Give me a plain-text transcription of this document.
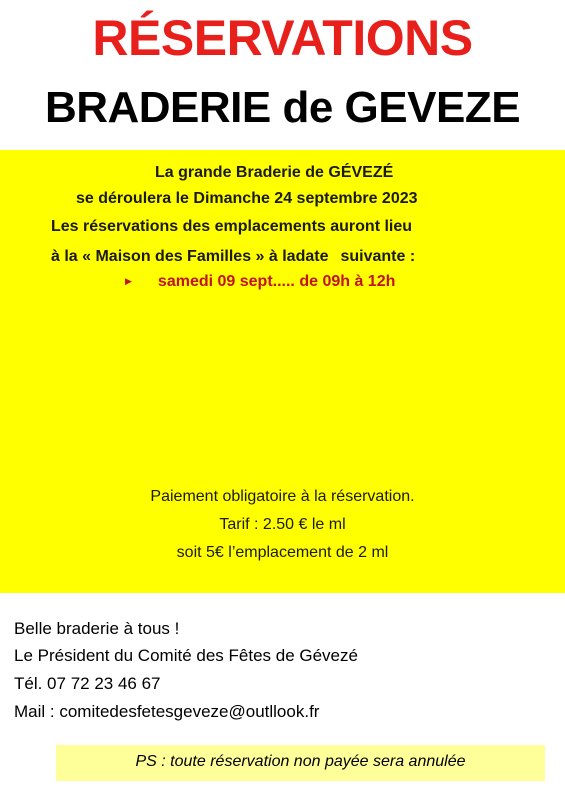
RÉSERVATIONS
BRADERIE de GEVEZE

La grande Braderie de GÉVEZÉ

se déroulera le Dimanche 24 septembre 2023

Les réservations des emplacements auront lieu

à la « Maison des Familles » à ladate suivante :

▶ samedi 09 sept..... de 09h à 12h

Paiement obligatoire à la réservation.

Tarif : 2.50 € le ml

soit 5€ l’emplacement de 2 ml

Belle braderie à tous !

Le Président du Comité des Fêtes de Gévezé

Tél. 07 72 23 46 67

Mail : comitedesfetesgeveze@outllook.fr

PS : toute réservation non payée sera annulée
